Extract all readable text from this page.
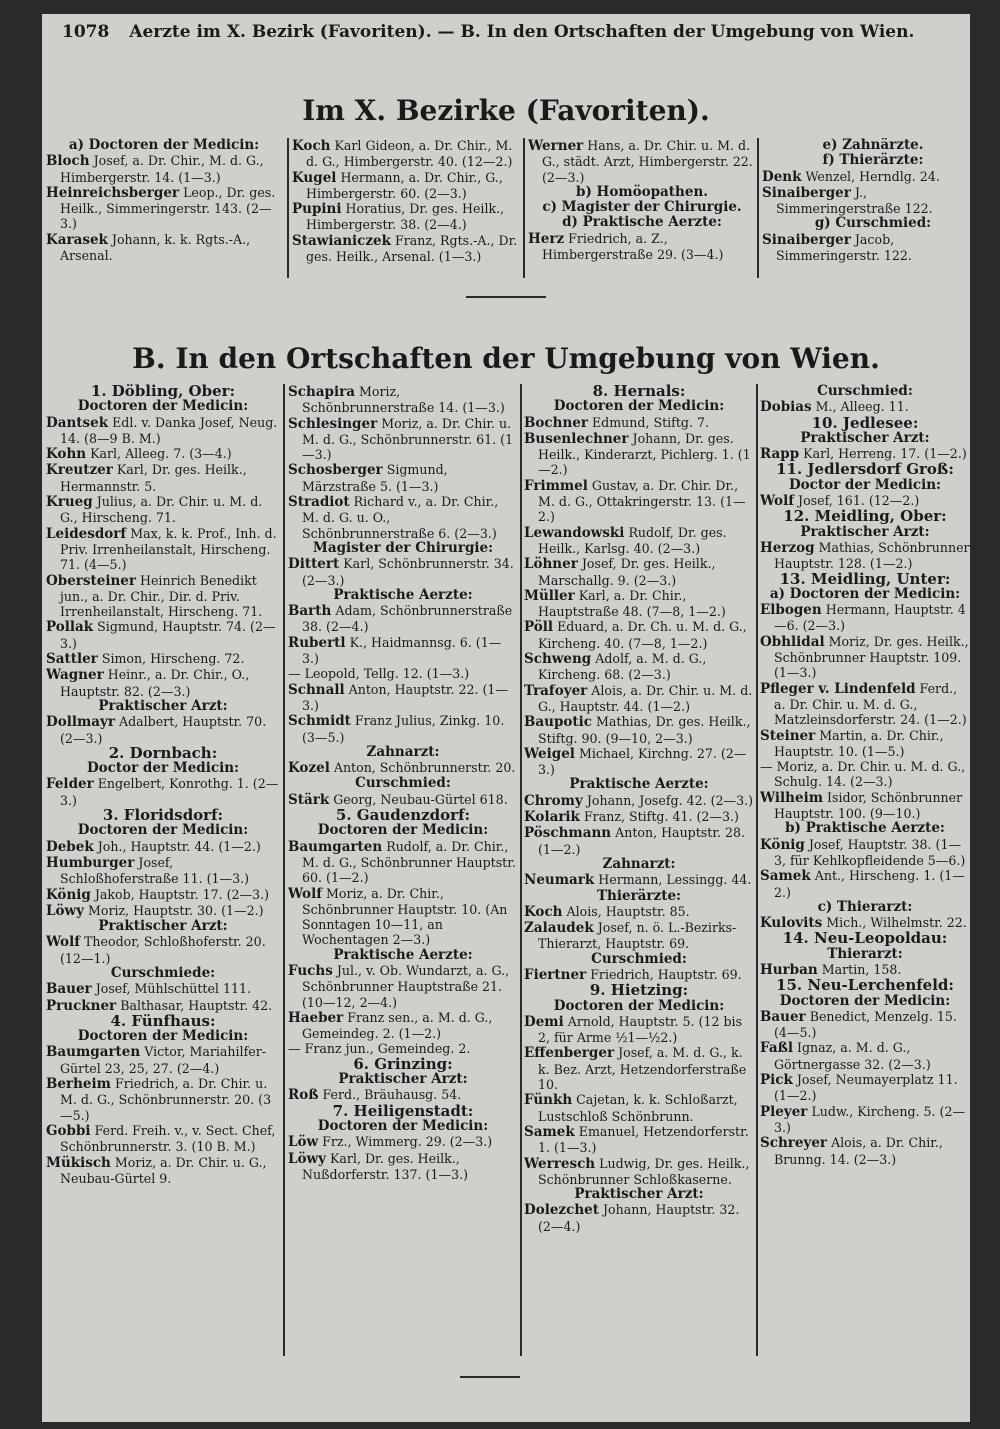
1078 Aerzte im X. Bezirk (Favoriten). — B. In den Ortschaften der Umgebung von Wien.
Im X. Bezirke (Favoriten).
a) Doctoren der Medicin:
Bloch Josef, a. Dr. Chir., M. d. G., Himbergerstr. 14. (1—3.)
Heinreichsberger Leop., Dr. ges. Heilk., Simmeringerstr. 143. (2—3.)
Karasek Johann, k. k. Rgts.-A., Arsenal.
Koch Karl Gideon, a. Dr. Chir., M. d. G., Himbergerstr. 40. (12—2.)
Kugel Hermann, a. Dr. Chir., G., Himbergerstr. 60. (2—3.)
Pupini Horatius, Dr. ges. Heilk., Himbergerstr. 38. (2—4.)
Stawianiczek Franz, Rgts.-A., Dr. ges. Heilk., Arsenal. (1—3.)
Werner Hans, a. Dr. Chir. u. M. d. G., städt. Arzt, Himbergerstr. 22. (2—3.)
b) Homöopathen.
c) Magister der Chirurgie.
d) Praktische Aerzte:
Herz Friedrich, a. Z., Himbergerstraße 29. (3—4.)
e) Zahnärzte.
f) Thierärzte:
Denk Wenzel, Herndlg. 24.
Sinaiberger J., Simmeringerstraße 122.
g) Curschmied:
Sinaiberger Jacob, Simmeringerstr. 122.
B. In den Ortschaften der Umgebung von Wien.
1. Döbling, Ober:
Doctoren der Medicin:
Dantsek Edl. v. Danka Josef, Neug. 14. (8—9 B. M.)
Kohn Karl, Alleeg. 7. (3—4.)
Kreutzer Karl, Dr. ges. Heilk., Hermannstr. 5.
Krueg Julius, a. Dr. Chir. u. M. d. G., Hirscheng. 71.
Leidesdorf Max, k. k. Prof., Inh. d. Priv. Irrenheilanstalt, Hirscheng. 71. (4—5.)
Obersteiner Heinrich Benedikt jun., a. Dr. Chir., Dir. d. Priv. Irrenheilanstalt, Hirscheng. 71.
Pollak Sigmund, Hauptstr. 74. (2—3.)
Sattler Simon, Hirscheng. 72.
Wagner Heinr., a. Dr. Chir., O., Hauptstr. 82. (2—3.)
Praktischer Arzt:
Dollmayr Adalbert, Hauptstr. 70. (2—3.)
2. Dornbach:
Doctor der Medicin:
Felder Engelbert, Konrothg. 1. (2—3.)
3. Floridsdorf:
Doctoren der Medicin:
Debek Joh., Hauptstr. 44. (1—2.)
Humburger Josef, Schloßhoferstraße 11. (1—3.)
König Jakob, Hauptstr. 17. (2—3.)
Löwy Moriz, Hauptstr. 30. (1—2.)
Praktischer Arzt:
Wolf Theodor, Schloßhoferstr. 20. (12—1.)
Curschmiede:
Bauer Josef, Mühlschüttel 111.
Pruckner Balthasar, Hauptstr. 42.
4. Fünfhaus:
Doctoren der Medicin:
Baumgarten Victor, Mariahilfer-Gürtel 23, 25, 27. (2—4.)
Berheim Friedrich, a. Dr. Chir. u. M. d. G., Schönbrunnerstr. 20. (3—5.)
Gobbi Ferd. Freih. v., v. Sect. Chef, Schönbrunnerstr. 3. (10 B. M.)
Mükisch Moriz, a. Dr. Chir. u. G., Neubau-Gürtel 9.
Schapira Moriz, Schönbrunnerstraße 14. (1—3.)
Schlesinger Moriz, a. Dr. Chir. u. M. d. G., Schönbrunnerstr. 61. (1—3.)
Schosberger Sigmund, Märzstraße 5. (1—3.)
Stradiot Richard v., a. Dr. Chir., M. d. G. u. O., Schönbrunnerstraße 6. (2—3.)
Magister der Chirurgie:
Dittert Karl, Schönbrunnerstr. 34. (2—3.)
Praktische Aerzte:
Barth Adam, Schönbrunnerstraße 38. (2—4.)
Rubertl K., Haidmannsg. 6. (1—3.)
— Leopold, Tellg. 12. (1—3.)
Schnall Anton, Hauptstr. 22. (1—3.)
Schmidt Franz Julius, Zinkg. 10. (3—5.)
Zahnarzt:
Kozel Anton, Schönbrunnerstr. 20.
Curschmied:
Stärk Georg, Neubau-Gürtel 618.
5. Gaudenzdorf:
Doctoren der Medicin:
Baumgarten Rudolf, a. Dr. Chir., M. d. G., Schönbrunner Hauptstr. 60. (1—2.)
Wolf Moriz, a. Dr. Chir., Schönbrunner Hauptstr. 10. (An Sonntagen 10—11, an Wochentagen 2—3.)
Praktische Aerzte:
Fuchs Jul., v. Ob. Wundarzt, a. G., Schönbrunner Hauptstraße 21. (10—12, 2—4.)
Haeber Franz sen., a. M. d. G., Gemeindeg. 2. (1—2.)
— Franz jun., Gemeindeg. 2.
6. Grinzing:
Praktischer Arzt:
Roß Ferd., Bräuhausg. 54.
7. Heiligenstadt:
Doctoren der Medicin:
Löw Frz., Wimmerg. 29. (2—3.)
Löwy Karl, Dr. ges. Heilk., Nußdorferstr. 137. (1—3.)
8. Hernals:
Doctoren der Medicin:
Bochner Edmund, Stiftg. 7.
Busenlechner Johann, Dr. ges. Heilk., Kinderarzt, Pichlerg. 1. (1—2.)
Frimmel Gustav, a. Dr. Chir. Dr., M. d. G., Ottakringerstr. 13. (1—2.)
Lewandowski Rudolf, Dr. ges. Heilk., Karlsg. 40. (2—3.)
Löhner Josef, Dr. ges. Heilk., Marschallg. 9. (2—3.)
Müller Karl, a. Dr. Chir., Hauptstraße 48. (7—8, 1—2.)
Pöll Eduard, a. Dr. Ch. u. M. d. G., Kircheng. 40. (7—8, 1—2.)
Schweng Adolf, a. M. d. G., Kircheng. 68. (2—3.)
Trafoyer Alois, a. Dr. Chir. u. M. d. G., Hauptstr. 44. (1—2.)
Baupotic Mathias, Dr. ges. Heilk., Stiftg. 90. (9—10, 2—3.)
Weigel Michael, Kirchng. 27. (2—3.)
Praktische Aerzte:
Chromy Johann, Josefg. 42. (2—3.)
Kolarik Franz, Stiftg. 41. (2—3.)
Pöschmann Anton, Hauptstr. 28. (1—2.)
Zahnarzt:
Neumark Hermann, Lessingg. 44.
Thierärzte:
Koch Alois, Hauptstr. 85.
Zalaudek Josef, n. ö. L.-Bezirks-Thierarzt, Hauptstr. 69.
Curschmied:
Fiertner Friedrich, Hauptstr. 69.
9. Hietzing:
Doctoren der Medicin:
Demi Arnold, Hauptstr. 5. (12 bis 2, für Arme ½1—½2.)
Effenberger Josef, a. M. d. G., k. k. Bez. Arzt, Hetzendorferstraße 10.
Fünkh Cajetan, k. k. Schloßarzt, Lustschloß Schönbrunn.
Samek Emanuel, Hetzendorferstr. 1. (1—3.)
Werresch Ludwig, Dr. ges. Heilk., Schönbrunner Schloßkaserne.
Praktischer Arzt:
Dolezchet Johann, Hauptstr. 32. (2—4.)
Curschmied:
Dobias M., Alleeg. 11.
10. Jedlesee:
Praktischer Arzt:
Rapp Karl, Herreng. 17. (1—2.)
11. Jedlersdorf Groß:
Doctor der Medicin:
Wolf Josef, 161. (12—2.)
12. Meidling, Ober:
Praktischer Arzt:
Herzog Mathias, Schönbrunner Hauptstr. 128. (1—2.)
13. Meidling, Unter:
a) Doctoren der Medicin:
Elbogen Hermann, Hauptstr. 4—6. (2—3.)
Obhlidal Moriz, Dr. ges. Heilk., Schönbrunner Hauptstr. 109. (1—3.)
Pfleger v. Lindenfeld Ferd., a. Dr. Chir. u. M. d. G., Matzleinsdorferstr. 24. (1—2.)
Steiner Martin, a. Dr. Chir., Hauptstr. 10. (1—5.)
— Moriz, a. Dr. Chir. u. M. d. G., Schulg. 14. (2—3.)
Wilheim Isidor, Schönbrunner Hauptstr. 100. (9—10.)
b) Praktische Aerzte:
König Josef, Hauptstr. 38. (1—3, für Kehlkopfleidende 5—6.)
Samek Ant., Hirscheng. 1. (1—2.)
c) Thierarzt:
Kulovits Mich., Wilhelmstr. 22.
14. Neu-Leopoldau:
Thierarzt:
Hurban Martin, 158.
15. Neu-Lerchenfeld:
Doctoren der Medicin:
Bauer Benedict, Menzelg. 15. (4—5.)
Faßl Ignaz, a. M. d. G., Görtnergasse 32. (2—3.)
Pick Josef, Neumayerplatz 11. (1—2.)
Pleyer Ludw., Kircheng. 5. (2—3.)
Schreyer Alois, a. Dr. Chir., Brunng. 14. (2—3.)
